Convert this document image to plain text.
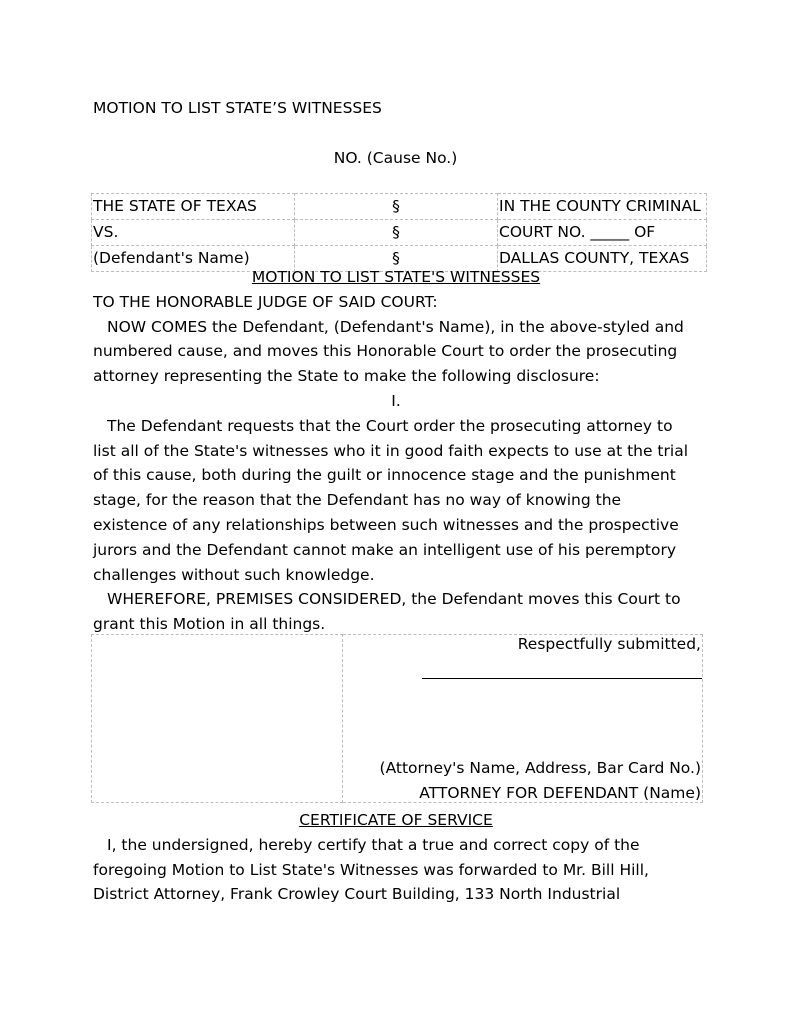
MOTION TO LIST STATE’S WITNESSES
NO. (Cause No.)
THE STATE OF TEXAS	§	IN THE COUNTY CRIMINAL
VS.	§	COURT NO. _____ OF
(Defendant's Name)	§	DALLAS COUNTY, TEXAS

MOTION TO LIST STATE'S WITNESSES

TO THE HONORABLE JUDGE OF SAID COURT:

NOW COMES the Defendant, (Defendant's Name), in the above-styled and numbered cause, and moves this Honorable Court to order the prosecuting attorney representing the State to make the following disclosure:

I.

The Defendant requests that the Court order the prosecuting attorney to list all of the State's witnesses who it in good faith expects to use at the trial of this cause, both during the guilt or innocence stage and the punishment stage, for the reason that the Defendant has no way of knowing the existence of any relationships between such witnesses and the prospective jurors and the Defendant cannot make an intelligent use of his peremptory challenges without such knowledge.

WHEREFORE, PREMISES CONSIDERED, the Defendant moves this Court to grant this Motion in all things.

Respectfully submitted,
(Attorney's Name, Address, Bar Card No.)
ATTORNEY FOR DEFENDANT (Name)

CERTIFICATE OF SERVICE

I, the undersigned, hereby certify that a true and correct copy of the foregoing Motion to List State's Witnesses was forwarded to Mr. Bill Hill, District Attorney, Frank Crowley Court Building, 133 North Industrial
